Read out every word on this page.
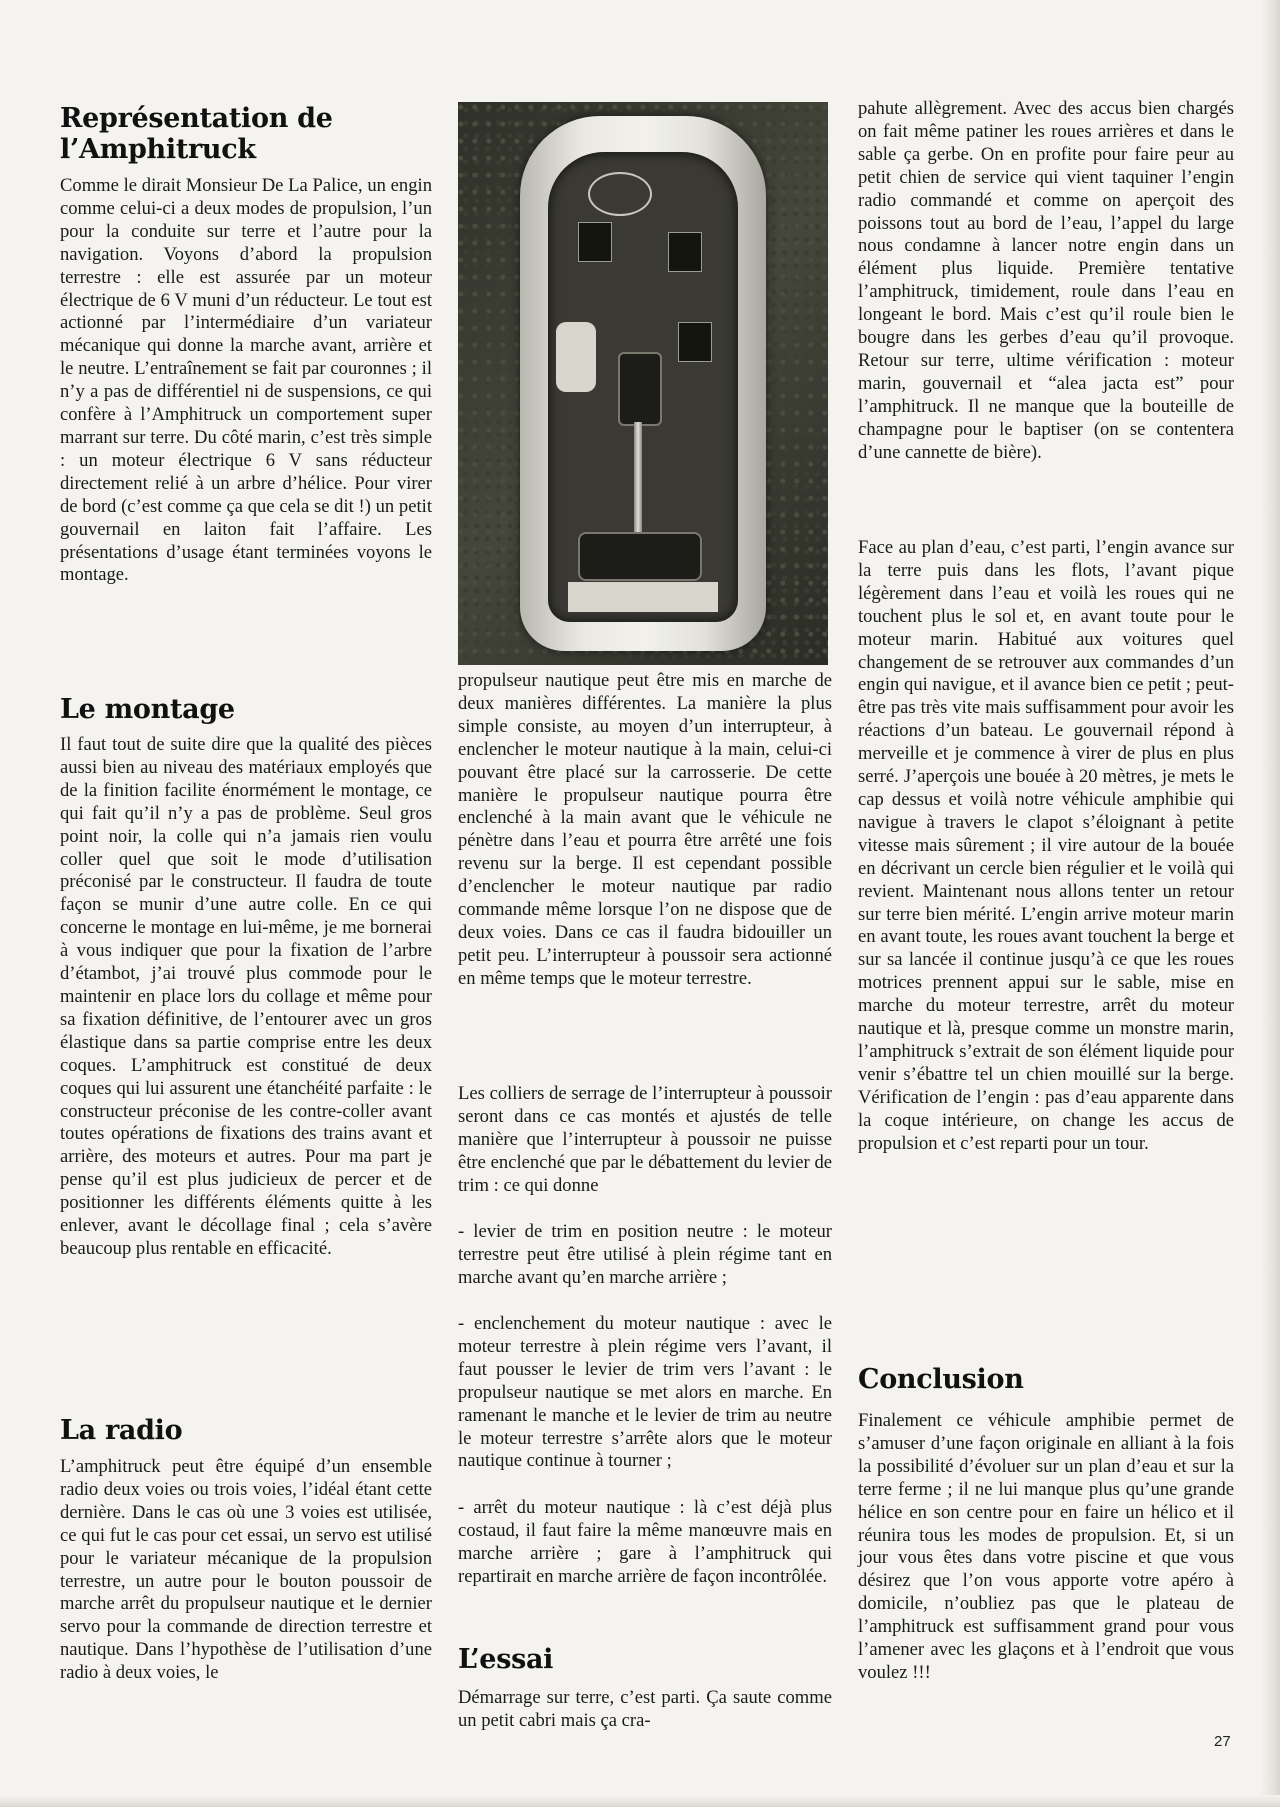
Représentation de l’Amphitruck

Comme le dirait Monsieur De La Palice, un engin comme celui-ci a deux modes de propulsion, l’un pour la conduite sur terre et l’autre pour la navigation. Voyons d’abord la propulsion terrestre : elle est assurée par un moteur électrique de 6 V muni d’un réducteur. Le tout est actionné par l’intermédiaire d’un variateur mécanique qui donne la marche avant, arrière et le neutre. L’entraînement se fait par couronnes ; il n’y a pas de différentiel ni de suspensions, ce qui confère à l’Amphitruck un comportement super marrant sur terre. Du côté marin, c’est très simple : un moteur électrique 6 V sans réducteur directement relié à un arbre d’hélice. Pour virer de bord (c’est comme ça que cela se dit !) un petit gouvernail en laiton fait l’affaire. Les présentations d’usage étant terminées voyons le montage.

Le montage

Il faut tout de suite dire que la qualité des pièces aussi bien au niveau des matériaux employés que de la finition facilite énormément le montage, ce qui fait qu’il n’y a pas de problème. Seul gros point noir, la colle qui n’a jamais rien voulu coller quel que soit le mode d’utilisation préconisé par le constructeur. Il faudra de toute façon se munir d’une autre colle. En ce qui concerne le montage en lui-même, je me bornerai à vous indiquer que pour la fixation de l’arbre d’étambot, j’ai trouvé plus commode pour le maintenir en place lors du collage et même pour sa fixation définitive, de l’entourer avec un gros élastique dans sa partie comprise entre les deux coques. L’amphitruck est constitué de deux coques qui lui assurent une étanchéité parfaite : le constructeur préconise de les contre-coller avant toutes opérations de fixations des trains avant et arrière, des moteurs et autres. Pour ma part je pense qu’il est plus judicieux de percer et de positionner les différents éléments quitte à les enlever, avant le décollage final ; cela s’avère beaucoup plus rentable en efficacité.

La radio

L’amphitruck peut être équipé d’un ensemble radio deux voies ou trois voies, l’idéal étant cette dernière. Dans le cas où une 3 voies est utilisée, ce qui fut le cas pour cet essai, un servo est utilisé pour le variateur mécanique de la propulsion terrestre, un autre pour le bouton poussoir de marche arrêt du propulseur nautique et le dernier servo pour la commande de direction terrestre et nautique. Dans l’hypothèse de l’utilisation d’une radio à deux voies, le

propulseur nautique peut être mis en marche de deux manières différentes. La manière la plus simple consiste, au moyen d’un interrupteur, à enclencher le moteur nautique à la main, celui-ci pouvant être placé sur la carrosserie. De cette manière le propulseur nautique pourra être enclenché à la main avant que le véhicule ne pénètre dans l’eau et pourra être arrêté une fois revenu sur la berge. Il est cependant possible d’enclencher le moteur nautique par radio commande même lorsque l’on ne dispose que de deux voies. Dans ce cas il faudra bidouiller un petit peu. L’interrupteur à poussoir sera actionné en même temps que le moteur terrestre.

Les colliers de serrage de l’interrupteur à poussoir seront dans ce cas montés et ajustés de telle manière que l’interrupteur à poussoir ne puisse être enclenché que par le débattement du levier de trim : ce qui donne

- levier de trim en position neutre : le moteur terrestre peut être utilisé à plein régime tant en marche avant qu’en marche arrière ;

- enclenchement du moteur nautique : avec le moteur terrestre à plein régime vers l’avant, il faut pousser le levier de trim vers l’avant : le propulseur nautique se met alors en marche. En ramenant le manche et le levier de trim au neutre le moteur terrestre s’arrête alors que le moteur nautique continue à tourner ;

- arrêt du moteur nautique : là c’est déjà plus costaud, il faut faire la même manœuvre mais en marche arrière ; gare à l’amphitruck qui repartirait en marche arrière de façon incontrôlée.

L’essai

Démarrage sur terre, c’est parti. Ça saute comme un petit cabri mais ça cra-

pahute allègrement. Avec des accus bien chargés on fait même patiner les roues arrières et dans le sable ça gerbe. On en profite pour faire peur au petit chien de service qui vient taquiner l’engin radio commandé et comme on aperçoit des poissons tout au bord de l’eau, l’appel du large nous condamne à lancer notre engin dans un élément plus liquide. Première tentative l’amphitruck, timidement, roule dans l’eau en longeant le bord. Mais c’est qu’il roule bien le bougre dans les gerbes d’eau qu’il provoque. Retour sur terre, ultime vérification : moteur marin, gouvernail et “alea jacta est” pour l’amphitruck. Il ne manque que la bouteille de champagne pour le baptiser (on se contentera d’une cannette de bière).

Face au plan d’eau, c’est parti, l’engin avance sur la terre puis dans les flots, l’avant pique légèrement dans l’eau et voilà les roues qui ne touchent plus le sol et, en avant toute pour le moteur marin. Habitué aux voitures quel changement de se retrouver aux commandes d’un engin qui navigue, et il avance bien ce petit ; peut-être pas très vite mais suffisamment pour avoir les réactions d’un bateau. Le gouvernail répond à merveille et je commence à virer de plus en plus serré. J’aperçois une bouée à 20 mètres, je mets le cap dessus et voilà notre véhicule amphibie qui navigue à travers le clapot s’éloignant à petite vitesse mais sûrement ; il vire autour de la bouée en décrivant un cercle bien régulier et le voilà qui revient. Maintenant nous allons tenter un retour sur terre bien mérité. L’engin arrive moteur marin en avant toute, les roues avant touchent la berge et sur sa lancée il continue jusqu’à ce que les roues motrices prennent appui sur le sable, mise en marche du moteur terrestre, arrêt du moteur nautique et là, presque comme un monstre marin, l’amphitruck s’extrait de son élément liquide pour venir s’ébattre tel un chien mouillé sur la berge. Vérification de l’engin : pas d’eau apparente dans la coque intérieure, on change les accus de propulsion et c’est reparti pour un tour.

Conclusion

Finalement ce véhicule amphibie permet de s’amuser d’une façon originale en alliant à la fois la possibilité d’évoluer sur un plan d’eau et sur la terre ferme ; il ne lui manque plus qu’une grande hélice en son centre pour en faire un hélico et il réunira tous les modes de propulsion. Et, si un jour vous êtes dans votre piscine et que vous désirez que l’on vous apporte votre apéro à domicile, n’oubliez pas que le plateau de l’amphitruck est suffisamment grand pour vous l’amener avec les glaçons et à l’endroit que vous voulez !!!

27
